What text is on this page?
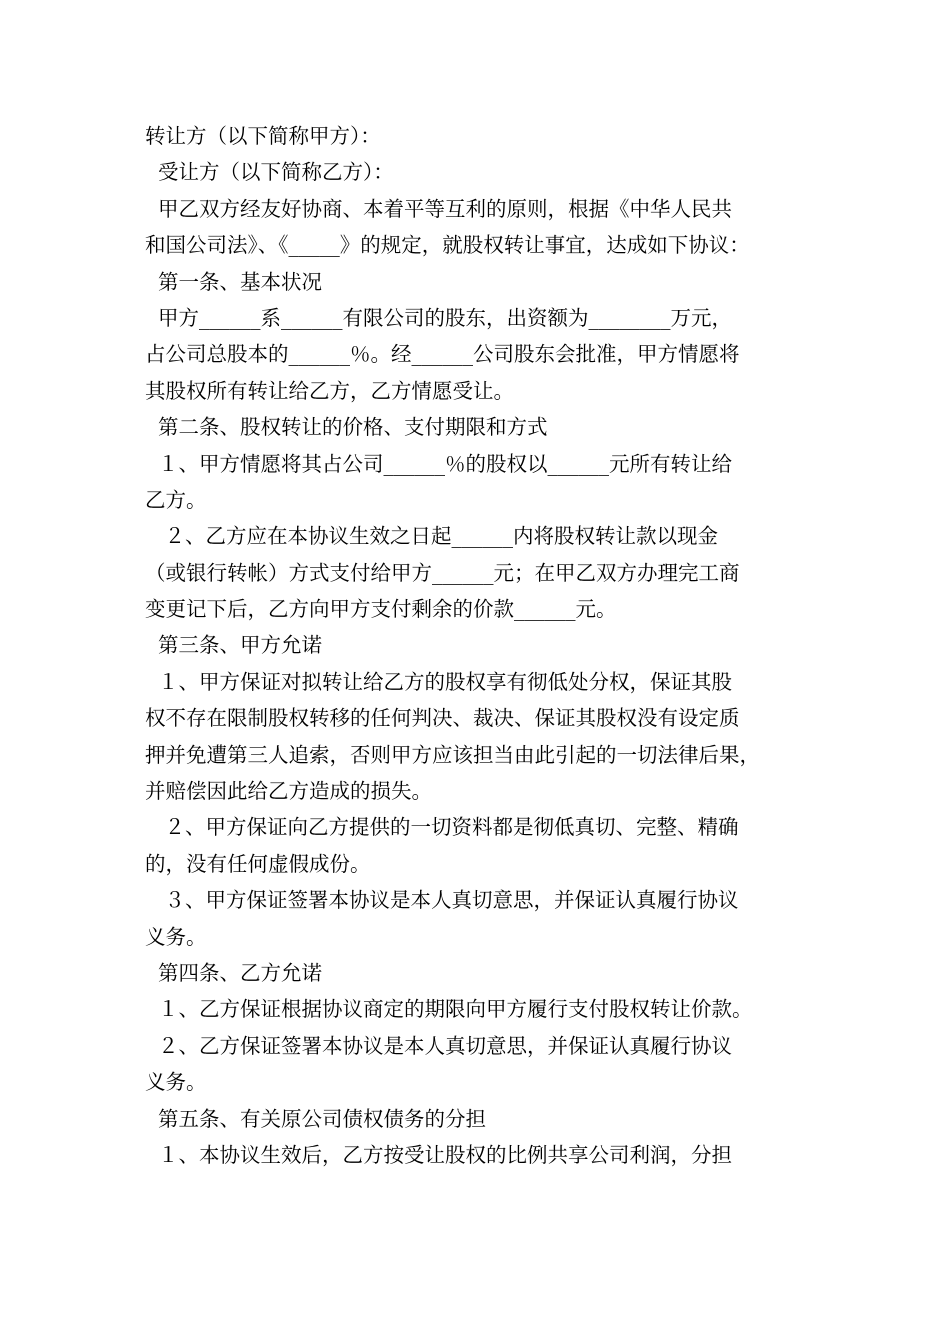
转让方（以下简称甲方）：
受让方（以下简称乙方）：
甲乙双方经友好协商、本着平等互利的原则，根据《中华人民共
和国公司法》、《_____》的规定，就股权转让事宜，达成如下协议：
第一条、基本状况
甲方______系______有限公司的股东，出资额为________万元，
占公司总股本的______％。经______公司股东会批准，甲方情愿将
其股权所有转让给乙方，乙方情愿受让。
第二条、股权转让的价格、支付期限和方式
１、甲方情愿将其占公司______％的股权以______元所有转让给
乙方。
２、乙方应在本协议生效之日起______内将股权转让款以现金
（或银行转帐）方式支付给甲方______元；在甲乙双方办理完工商
变更记下后，乙方向甲方支付剩余的价款______元。
第三条、甲方允诺
１、甲方保证对拟转让给乙方的股权享有彻低处分权，保证其股
权不存在限制股权转移的任何判决、裁决、保证其股权没有设定质
押并免遭第三人追索，否则甲方应该担当由此引起的一切法律后果，
并赔偿因此给乙方造成的损失。
２、甲方保证向乙方提供的一切资料都是彻低真切、完整、精确
的，没有任何虚假成份。
３、甲方保证签署本协议是本人真切意思，并保证认真履行协议
义务。
第四条、乙方允诺
１、乙方保证根据协议商定的期限向甲方履行支付股权转让价款。
２、乙方保证签署本协议是本人真切意思，并保证认真履行协议
义务。
第五条、有关原公司债权债务的分担
１、本协议生效后，乙方按受让股权的比例共享公司利润，分担
